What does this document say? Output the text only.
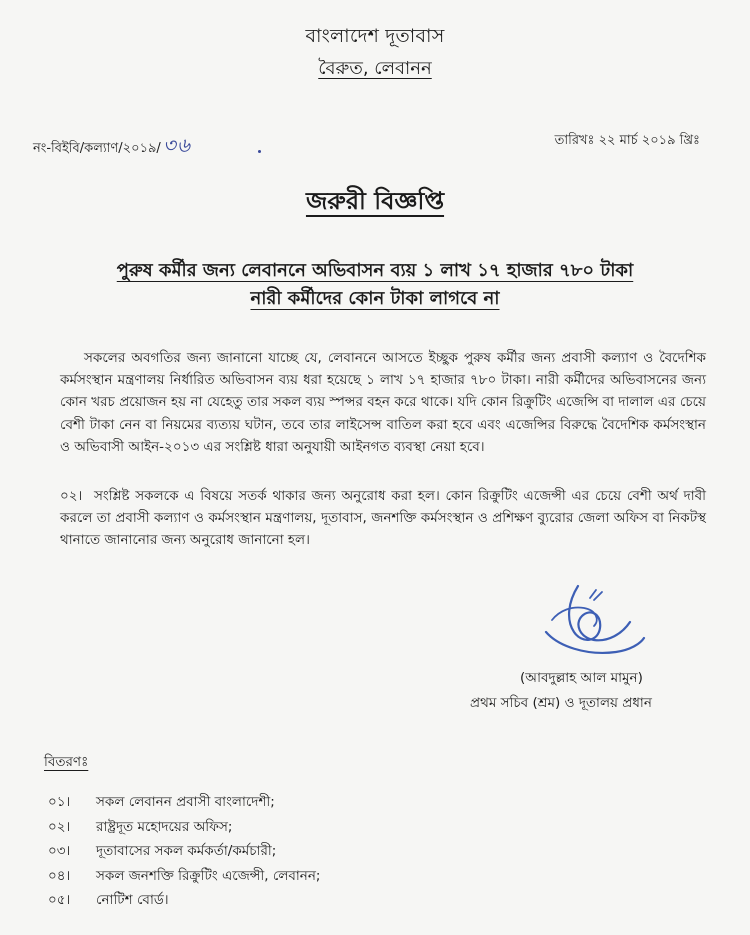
বাংলাদেশ দূতাবাস
বৈরুত, লেবানন
নং-বিইবি/কল্যাণ/২০১৯/ ৩৬	তারিখঃ ২২ মার্চ ২০১৯ খ্রিঃ
জরুরী বিজ্ঞপ্তি
পুরুষ কর্মীর জন্য লেবাননে অভিবাসন ব্যয় ১ লাখ ১৭ হাজার ৭৮০ টাকা
নারী কর্মীদের কোন টাকা লাগবে না
সকলের অবগতির জন্য জানানো যাচ্ছে যে, লেবাননে আসতে ইচ্ছুক পুরুষ কর্মীর জন্য প্রবাসী কল্যাণ ও বৈদেশিক কর্মসংস্থান মন্ত্রণালয় নির্ধারিত অভিবাসন ব্যয় ধরা হয়েছে ১ লাখ ১৭ হাজার ৭৮০ টাকা। নারী কর্মীদের অভিবাসনের জন্য কোন খরচ প্রয়োজন হয় না যেহেতু তার সকল ব্যয় স্পন্সর বহন করে থাকে। যদি কোন রিক্রুটিং এজেন্সি বা দালাল এর চেয়ে বেশী টাকা নেন বা নিয়মের ব্যত্যয় ঘটান, তবে তার লাইসেন্স বাতিল করা হবে এবং এজেন্সির বিরুদ্ধে বৈদেশিক কর্মসংস্থান ও অভিবাসী আইন-২০১৩ এর সংশ্লিষ্ট ধারা অনুযায়ী আইনগত ব্যবস্থা নেয়া হবে।
০২। সংশ্লিষ্ট সকলকে এ বিষয়ে সতর্ক থাকার জন্য অনুরোধ করা হল। কোন রিক্রুটিং এজেন্সী এর চেয়ে বেশী অর্থ দাবী করলে তা প্রবাসী কল্যাণ ও কর্মসংস্থান মন্ত্রণালয়, দূতাবাস, জনশক্তি কর্মসংস্থান ও প্রশিক্ষণ ব্যুরোর জেলা অফিস বা নিকটস্থ থানাতে জানানোর জন্য অনুরোধ জানানো হল।
(আবদুল্লাহ আল মামুন)
প্রথম সচিব (শ্রম) ও দূতালয় প্রধান
বিতরণঃ
০১। সকল লেবানন প্রবাসী বাংলাদেশী;
০২। রাষ্ট্রদূত মহোদয়ের অফিস;
০৩। দূতাবাসের সকল কর্মকর্তা/কর্মচারী;
০৪। সকল জনশক্তি রিক্রুটিং এজেন্সী, লেবানন;
০৫। নোটিশ বোর্ড।
